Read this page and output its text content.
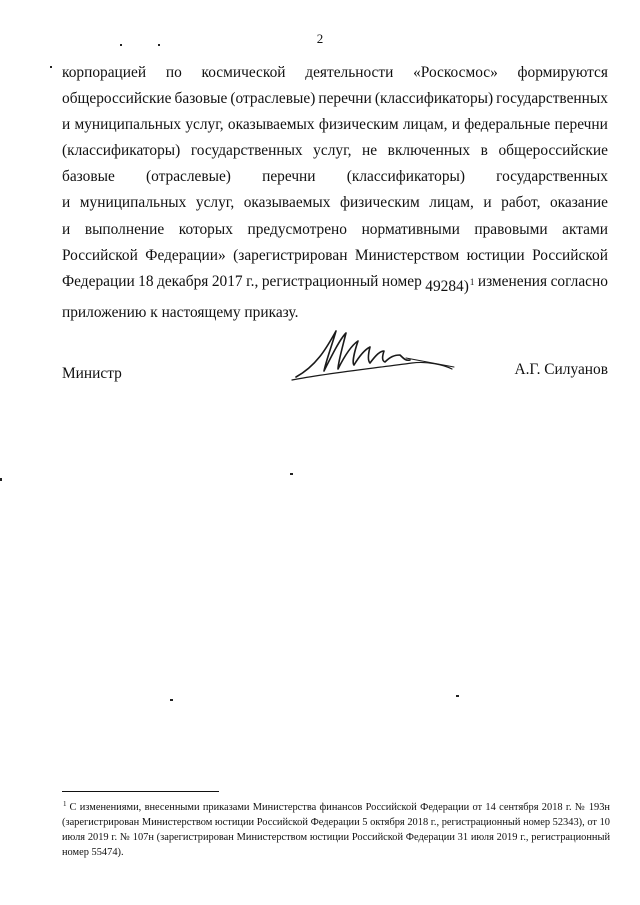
2
корпорацией по космической деятельности «Роскосмос» формируются
общероссийские базовые (отраслевые) перечни (классификаторы) государственных
и муниципальных услуг, оказываемых физическим лицам, и федеральные перечни
(классификаторы) государственных услуг, не включенных в общероссийские
базовые (отраслевые) перечни (классификаторы) государственных
и муниципальных услуг, оказываемых физическим лицам, и работ, оказание
и выполнение которых предусмотрено нормативными правовыми актами
Российской Федерации» (зарегистрирован Министерством юстиции Российской
Федерации 18 декабря 2017 г., регистрационный номер 49284)$^1$ изменения согласно
приложению к настоящему приказу.
Министр	А.Г. Силуанов
$^1$ С изменениями, внесенными приказами Министерства финансов Российской Федерации от 14 сентября 2018 г. № 193н (зарегистрирован Министерством юстиции Российской Федерации 5 октября 2018 г., регистрационный номер 52343), от 10 июля 2019 г. № 107н (зарегистрирован Министерством юстиции Российской Федерации 31 июля 2019 г., регистрационный номер 55474).
